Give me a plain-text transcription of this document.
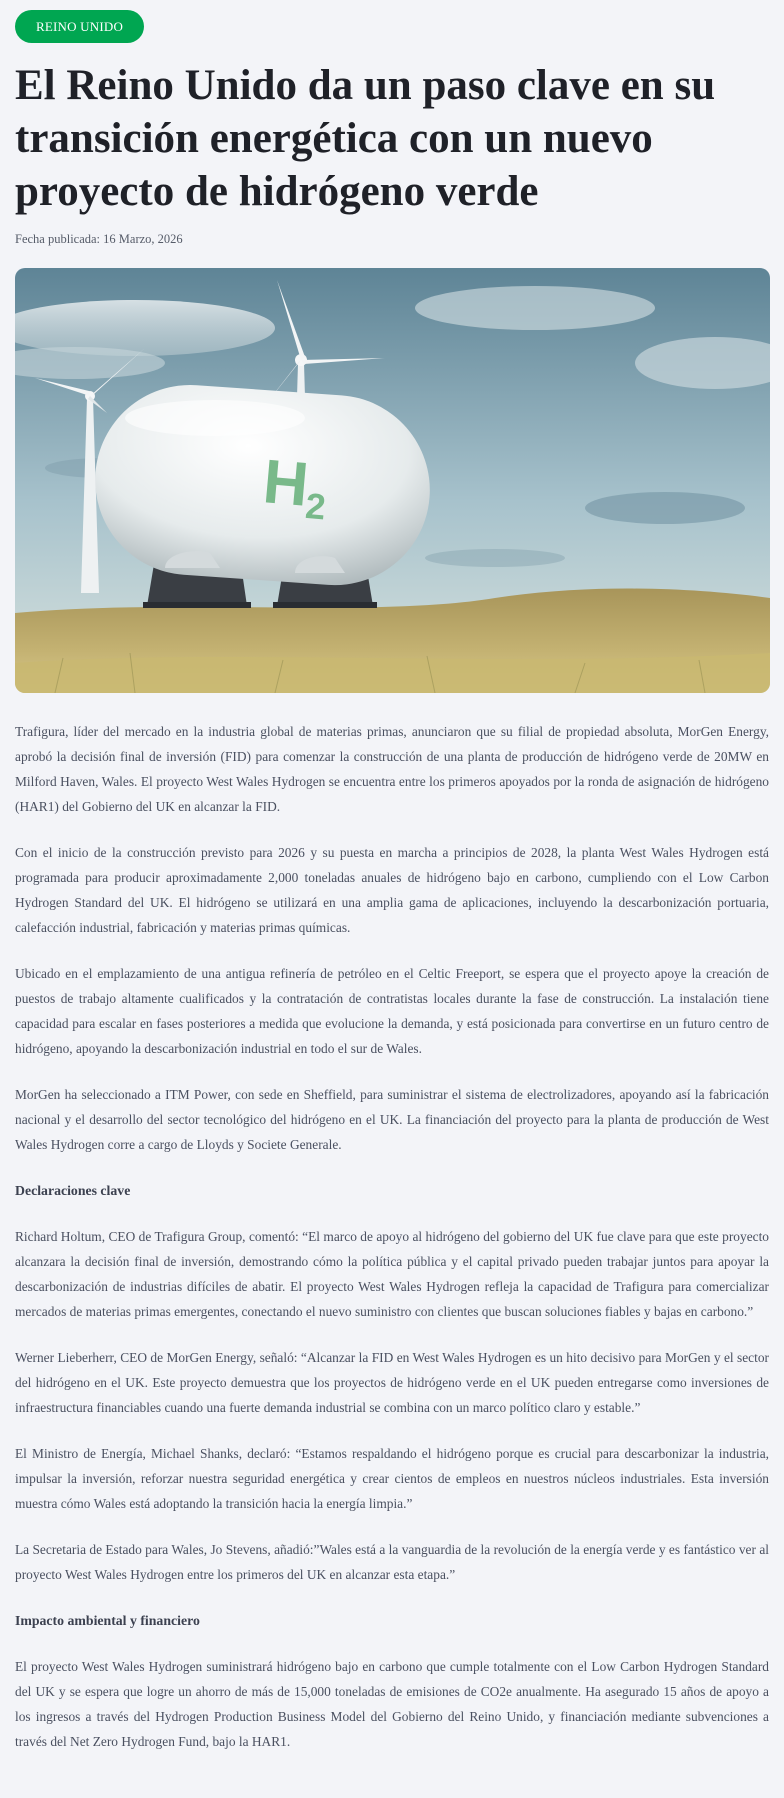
REINO UNIDO
El Reino Unido da un paso clave en su transición energética con un nuevo proyecto de hidrógeno verde
Fecha publicada: 16 Marzo, 2026
H
2

Trafigura, líder del mercado en la industria global de materias primas, anunciaron que su filial de propiedad absoluta, MorGen Energy, aprobó la decisión final de inversión (FID) para comenzar la construcción de una planta de producción de hidrógeno verde de 20MW en Milford Haven, Wales. El proyecto West Wales Hydrogen se encuentra entre los primeros apoyados por la ronda de asignación de hidrógeno (HAR1) del Gobierno del UK en alcanzar la FID.

Con el inicio de la construcción previsto para 2026 y su puesta en marcha a principios de 2028, la planta West Wales Hydrogen está programada para producir aproximadamente 2,000 toneladas anuales de hidrógeno bajo en carbono, cumpliendo con el Low Carbon Hydrogen Standard del UK. El hidrógeno se utilizará en una amplia gama de aplicaciones, incluyendo la descarbonización portuaria, calefacción industrial, fabricación y materias primas químicas.

Ubicado en el emplazamiento de una antigua refinería de petróleo en el Celtic Freeport, se espera que el proyecto apoye la creación de puestos de trabajo altamente cualificados y la contratación de contratistas locales durante la fase de construcción. La instalación tiene capacidad para escalar en fases posteriores a medida que evolucione la demanda, y está posicionada para convertirse en un futuro centro de hidrógeno, apoyando la descarbonización industrial en todo el sur de Wales.

MorGen ha seleccionado a ITM Power, con sede en Sheffield, para suministrar el sistema de electrolizadores, apoyando así la fabricación nacional y el desarrollo del sector tecnológico del hidrógeno en el UK. La financiación del proyecto para la planta de producción de West Wales Hydrogen corre a cargo de Lloyds y Societe Generale.

Declaraciones clave

Richard Holtum, CEO de Trafigura Group, comentó: “El marco de apoyo al hidrógeno del gobierno del UK fue clave para que este proyecto alcanzara la decisión final de inversión, demostrando cómo la política pública y el capital privado pueden trabajar juntos para apoyar la descarbonización de industrias difíciles de abatir. El proyecto West Wales Hydrogen refleja la capacidad de Trafigura para comercializar mercados de materias primas emergentes, conectando el nuevo suministro con clientes que buscan soluciones fiables y bajas en carbono.”

Werner Lieberherr, CEO de MorGen Energy, señaló: “Alcanzar la FID en West Wales Hydrogen es un hito decisivo para MorGen y el sector del hidrógeno en el UK. Este proyecto demuestra que los proyectos de hidrógeno verde en el UK pueden entregarse como inversiones de infraestructura financiables cuando una fuerte demanda industrial se combina con un marco político claro y estable.”

El Ministro de Energía, Michael Shanks, declaró: “Estamos respaldando el hidrógeno porque es crucial para descarbonizar la industria, impulsar la inversión, reforzar nuestra seguridad energética y crear cientos de empleos en nuestros núcleos industriales. Esta inversión muestra cómo Wales está adoptando la transición hacia la energía limpia.”

La Secretaria de Estado para Wales, Jo Stevens, añadió:”Wales está a la vanguardia de la revolución de la energía verde y es fantástico ver al proyecto West Wales Hydrogen entre los primeros del UK en alcanzar esta etapa.”

Impacto ambiental y financiero

El proyecto West Wales Hydrogen suministrará hidrógeno bajo en carbono que cumple totalmente con el Low Carbon Hydrogen Standard del UK y se espera que logre un ahorro de más de 15,000 toneladas de emisiones de CO2e anualmente. Ha asegurado 15 años de apoyo a los ingresos a través del Hydrogen Production Business Model del Gobierno del Reino Unido, y financiación mediante subvenciones a través del Net Zero Hydrogen Fund, bajo la HAR1.
